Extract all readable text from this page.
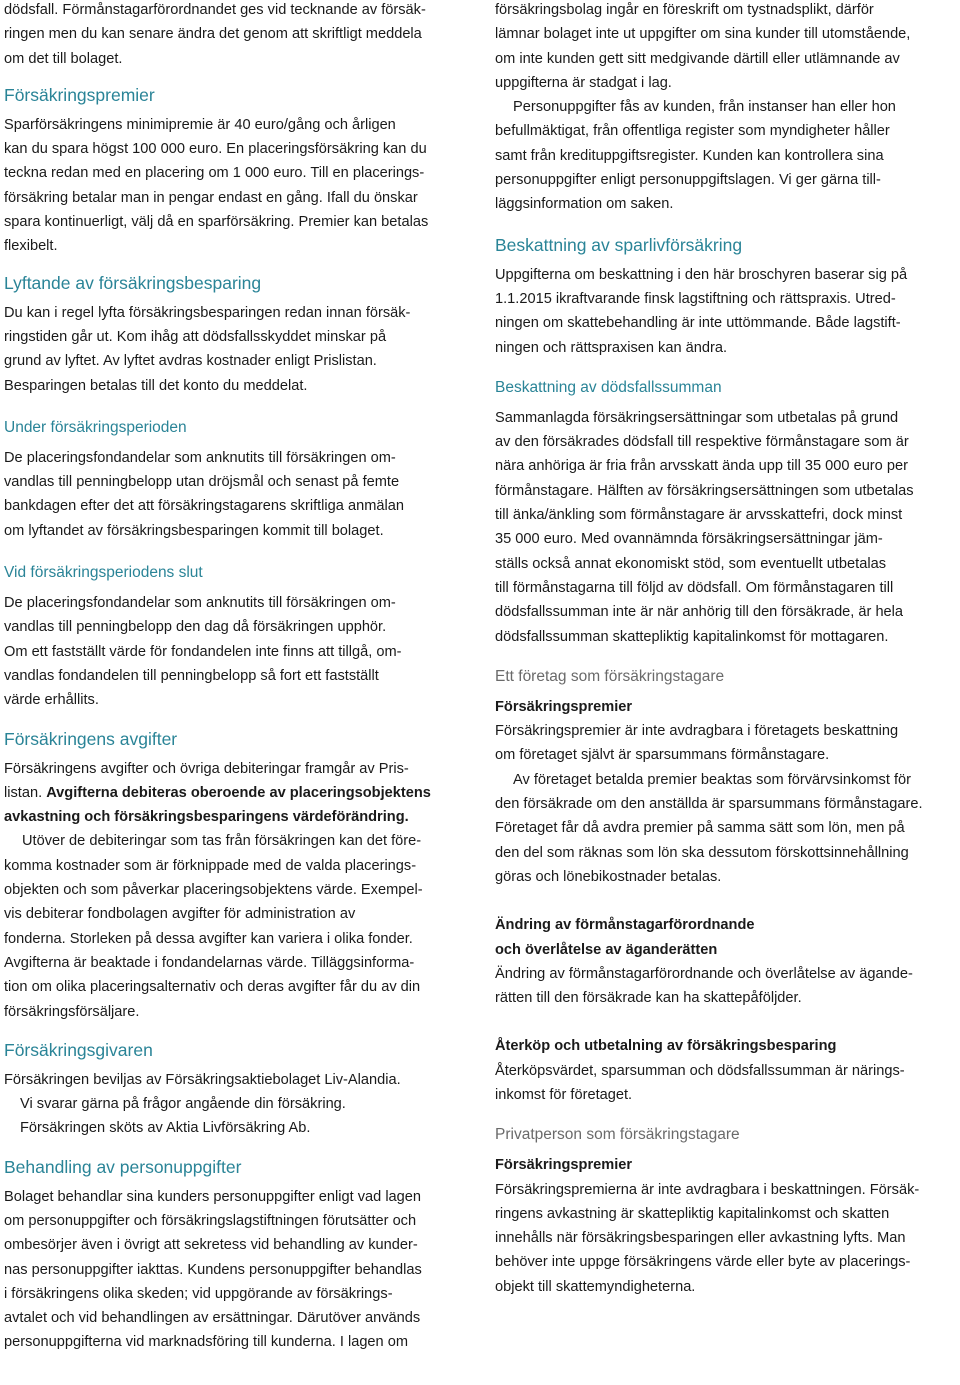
dödsfall. Förmånstagarförordnandet ges vid tecknande av försäk-
ringen men du kan senare ändra det genom att skriftligt meddela
om det till bolaget.

Försäkringspremier

Sparförsäkringens minimipremie är 40 euro/gång och årligen
kan du spara högst 100 000 euro. En placeringsförsäkring kan du
teckna redan med en placering om 1 000 euro. Till en placerings-
försäkring betalar man in pengar endast en gång. Ifall du önskar
spara kontinuerligt, välj då en sparförsäkring. Premier kan betalas
flexibelt.

Lyftande av försäkringsbesparing

Du kan i regel lyfta försäkringsbesparingen redan innan försäk-
ringstiden går ut. Kom ihåg att dödsfallsskyddet minskar på
grund av lyftet. Av lyftet avdras kostnader enligt Prislistan.
Besparingen betalas till det konto du meddelat.

Under försäkringsperioden

De placeringsfondandelar som anknutits till försäkringen om-
vandlas till penningbelopp utan dröjsmål och senast på femte
bankdagen efter det att försäkringstagarens skriftliga anmälan
om lyftandet av försäkringsbesparingen kommit till bolaget.

Vid försäkringsperiodens slut

De placeringsfondandelar som anknutits till försäkringen om-
vandlas till penningbelopp den dag då försäkringen upphör.
Om ett fastställt värde för fondandelen inte finns att tillgå, om-
vandlas fondandelen till penningbelopp så fort ett fastställt
värde erhållits.

Försäkringens avgifter

Försäkringens avgifter och övriga debiteringar framgår av Pris-
listan. Avgifterna debiteras oberoende av placeringsobjektens
avkastning och försäkringsbesparingens värdeförändring.

Utöver de debiteringar som tas från försäkringen kan det före-
komma kostnader som är förknippade med de valda placerings-
objekten och som påverkar placeringsobjektens värde. Exempel-
vis debiterar fondbolagen avgifter för administration av
fonderna. Storleken på dessa avgifter kan variera i olika fonder.
Avgifterna är beaktade i fondandelarnas värde. Tilläggsinforma-
tion om olika placeringsalternativ och deras avgifter får du av din
försäkringsförsäljare.

Försäkringsgivaren

Försäkringen beviljas av Försäkringsaktiebolaget Liv-Alandia.

Vi svarar gärna på frågor angående din försäkring.

Försäkringen sköts av Aktia Livförsäkring Ab.

Behandling av personuppgifter

Bolaget behandlar sina kunders personuppgifter enligt vad lagen
om personuppgifter och försäkringslagstiftningen förutsätter och
ombesörjer även i övrigt att sekretess vid behandling av kunder-
nas personuppgifter iakttas. Kundens personuppgifter behandlas
i försäkringens olika skeden; vid uppgörande av försäkrings-
avtalet och vid behandlingen av ersättningar. Därutöver används
personuppgifterna vid marknadsföring till kunderna. I lagen om

försäkringsbolag ingår en föreskrift om tystnadsplikt, därför
lämnar bolaget inte ut uppgifter om sina kunder till utomstående,
om inte kunden gett sitt medgivande därtill eller utlämnande av
uppgifterna är stadgat i lag.

Personuppgifter fås av kunden, från instanser han eller hon
befullmäktigat, från offentliga register som myndigheter håller
samt från kredituppgiftsregister. Kunden kan kontrollera sina
personuppgifter enligt personuppgiftslagen. Vi ger gärna till-
läggsinformation om saken.

Beskattning av sparlivförsäkring

Uppgifterna om beskattning i den här broschyren baserar sig på
1.1.2015 ikraftvarande finsk lagstiftning och rättspraxis. Utred-
ningen om skattebehandling är inte uttömmande. Både lagstift-
ningen och rättspraxisen kan ändra.

Beskattning av dödsfallssumman

Sammanlagda försäkringsersättningar som utbetalas på grund
av den försäkrades dödsfall till respektive förmånstagare som är
nära anhöriga är fria från arvsskatt ända upp till 35 000 euro per
förmånstagare. Hälften av försäkringsersättningen som utbetalas
till änka/änkling som förmånstagare är arvsskattefri, dock minst
35 000 euro. Med ovannämnda försäkringsersättningar jäm-
ställs också annat ekonomiskt stöd, som eventuellt utbetalas
till förmånstagarna till följd av dödsfall. Om förmånstagaren till
dödsfallssumman inte är när anhörig till den försäkrade, är hela
dödsfallssumman skattepliktig kapitalinkomst för mottagaren.

Ett företag som försäkringstagare

Försäkringspremier

Försäkringspremier är inte avdragbara i företagets beskattning
om företaget självt är sparsummans förmånstagare.

Av företaget betalda premier beaktas som förvärvsinkomst för
den försäkrade om den anställda är sparsummans förmånstagare.
Företaget får då avdra premier på samma sätt som lön, men på
den del som räknas som lön ska dessutom förskottsinnehållning
göras och lönebikostnader betalas.

Ändring av förmånstagarförordnande
och överlåtelse av äganderätten

Ändring av förmånstagarförordnande och överlåtelse av ägande-
rätten till den försäkrade kan ha skattepåföljder.

Återköp och utbetalning av försäkringsbesparing

Återköpsvärdet, sparsumman och dödsfallssumman är närings-
inkomst för företaget.

Privatperson som försäkringstagare

Försäkringspremier

Försäkringspremierna är inte avdragbara i beskattningen. Försäk-
ringens avkastning är skattepliktig kapitalinkomst och skatten
innehålls när försäkringsbesparingen eller avkastning lyfts. Man
behöver inte uppge försäkringens värde eller byte av placerings-
objekt till skattemyndigheterna.
